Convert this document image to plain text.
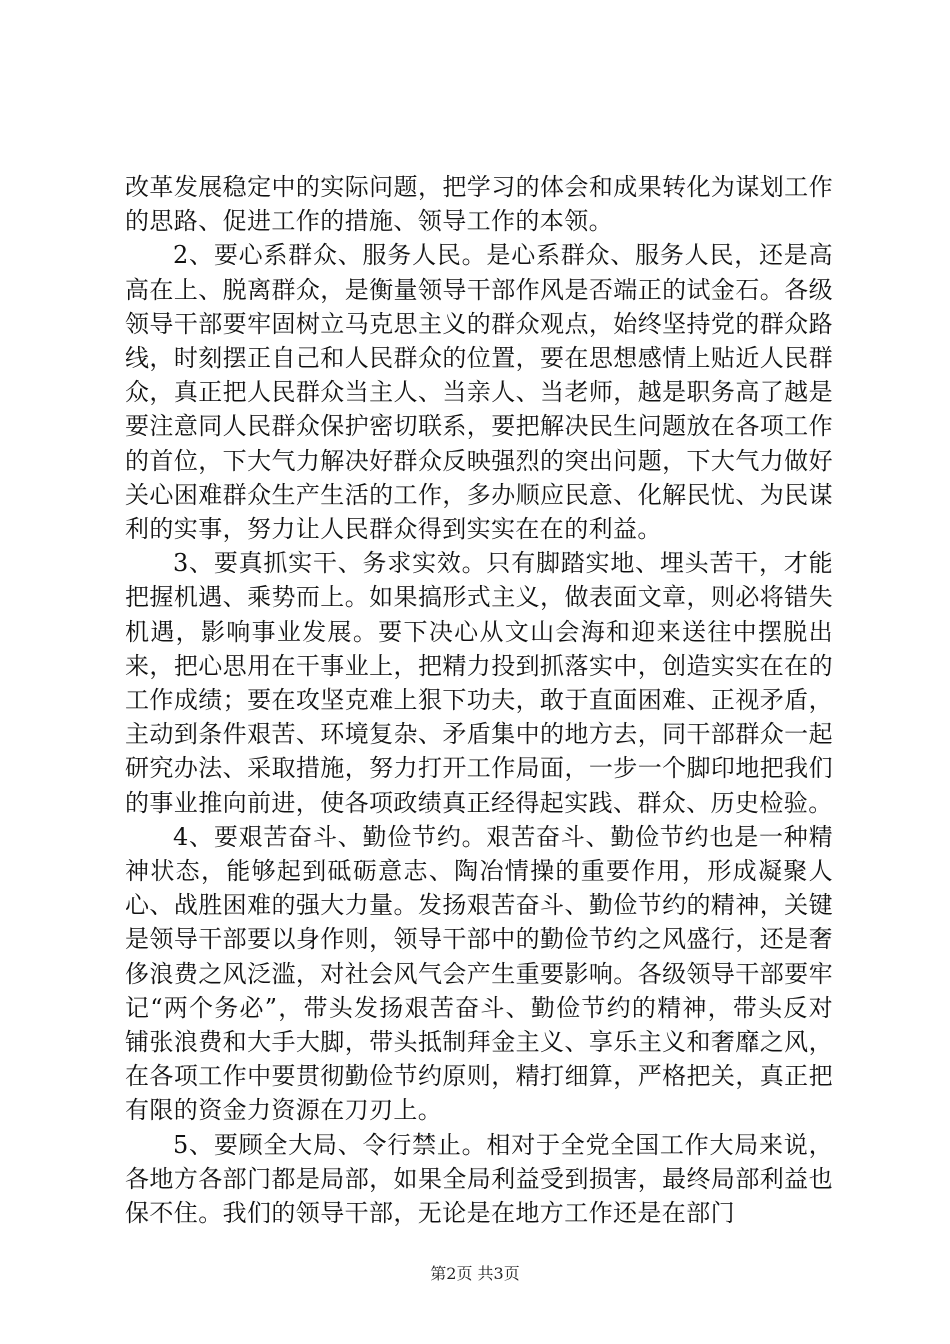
改革发展稳定中的实际问题，把学习的体会和成果转化为谋划工作的思路、促进工作的措施、领导工作的本领。

2、要心系群众、服务人民。是心系群众、服务人民，还是高高在上、脱离群众，是衡量领导干部作风是否端正的试金石。各级领导干部要牢固树立马克思主义的群众观点，始终坚持党的群众路线，时刻摆正自己和人民群众的位置，要在思想感情上贴近人民群众，真正把人民群众当主人、当亲人、当老师，越是职务高了越是要注意同人民群众保护密切联系，要把解决民生问题放在各项工作的首位，下大气力解决好群众反映强烈的突出问题，下大气力做好关心困难群众生产生活的工作，多办顺应民意、化解民忧、为民谋利的实事，努力让人民群众得到实实在在的利益。

3、要真抓实干、务求实效。只有脚踏实地、埋头苦干，才能把握机遇、乘势而上。如果搞形式主义，做表面文章，则必将错失机遇，影响事业发展。要下决心从文山会海和迎来送往中摆脱出来，把心思用在干事业上，把精力投到抓落实中，创造实实在在的工作成绩；要在攻坚克难上狠下功夫，敢于直面困难、正视矛盾，主动到条件艰苦、环境复杂、矛盾集中的地方去，同干部群众一起研究办法、采取措施，努力打开工作局面，一步一个脚印地把我们的事业推向前进，使各项政绩真正经得起实践、群众、历史检验。

4、要艰苦奋斗、勤俭节约。艰苦奋斗、勤俭节约也是一种精神状态，能够起到砥砺意志、陶冶情操的重要作用，形成凝聚人心、战胜困难的强大力量。发扬艰苦奋斗、勤俭节约的精神，关键是领导干部要以身作则，领导干部中的勤俭节约之风盛行，还是奢侈浪费之风泛滥，对社会风气会产生重要影响。各级领导干部要牢记“两个务必”，带头发扬艰苦奋斗、勤俭节约的精神，带头反对铺张浪费和大手大脚，带头抵制拜金主义、享乐主义和奢靡之风，在各项工作中要贯彻勤俭节约原则，精打细算，严格把关，真正把有限的资金力资源在刀刃上。

5、要顾全大局、令行禁止。相对于全党全国工作大局来说，各地方各部门都是局部，如果全局利益受到损害，最终局部利益也保不住。我们的领导干部，无论是在地方工作还是在部门

第2页 共3页
